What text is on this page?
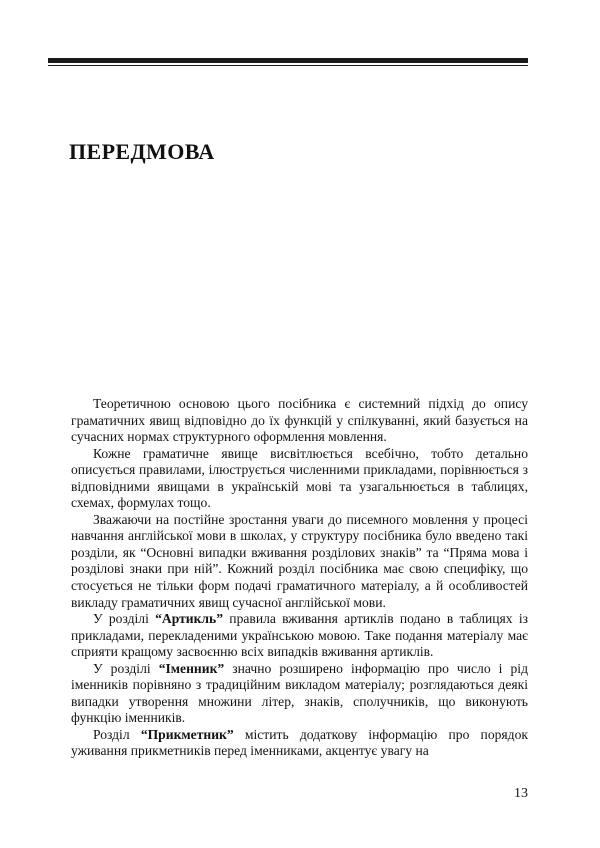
ПЕРЕДМОВА

Теоретичною основою цього посібника є системний підхід до опису граматичних явищ відповідно до їх функцій у спілкуванні, який базується на сучасних нормах структурного оформлення мовлення.

Кожне граматичне явище висвітлюється всебічно, тобто детально описується правилами, ілюструється численними прикладами, порівнюється з відповідними явищами в українській мові та узагальнюється в таблицях, схемах, формулах тощо.

Зважаючи на постійне зростання уваги до писемного мовлення у процесі навчання англійської мови в школах, у структуру посібника було введено такі розділи, як “Основні випадки вживання розділових знаків” та “Пряма мова і розділові знаки при ній”. Кожний розділ посібника має свою специфіку, що стосується не тільки форм подачі граматичного матеріалу, а й особливостей викладу граматичних явищ сучасної англійської мови.

У розділі “Артикль” правила вживання артиклів подано в таблицях із прикладами, перекладеними українською мовою. Таке подання матеріалу має сприяти кращому засвоєнню всіх випадків вживання артиклів.

У розділі “Іменник” значно розширено інформацію про число і рід іменників порівняно з традиційним викладом матеріалу; розглядаються деякі випадки утворення множини літер, знаків, сполучників, що виконують функцію іменників.

Розділ “Прикметник” містить додаткову інформацію про порядок уживання прикметників перед іменниками, акцентує увагу на

13
